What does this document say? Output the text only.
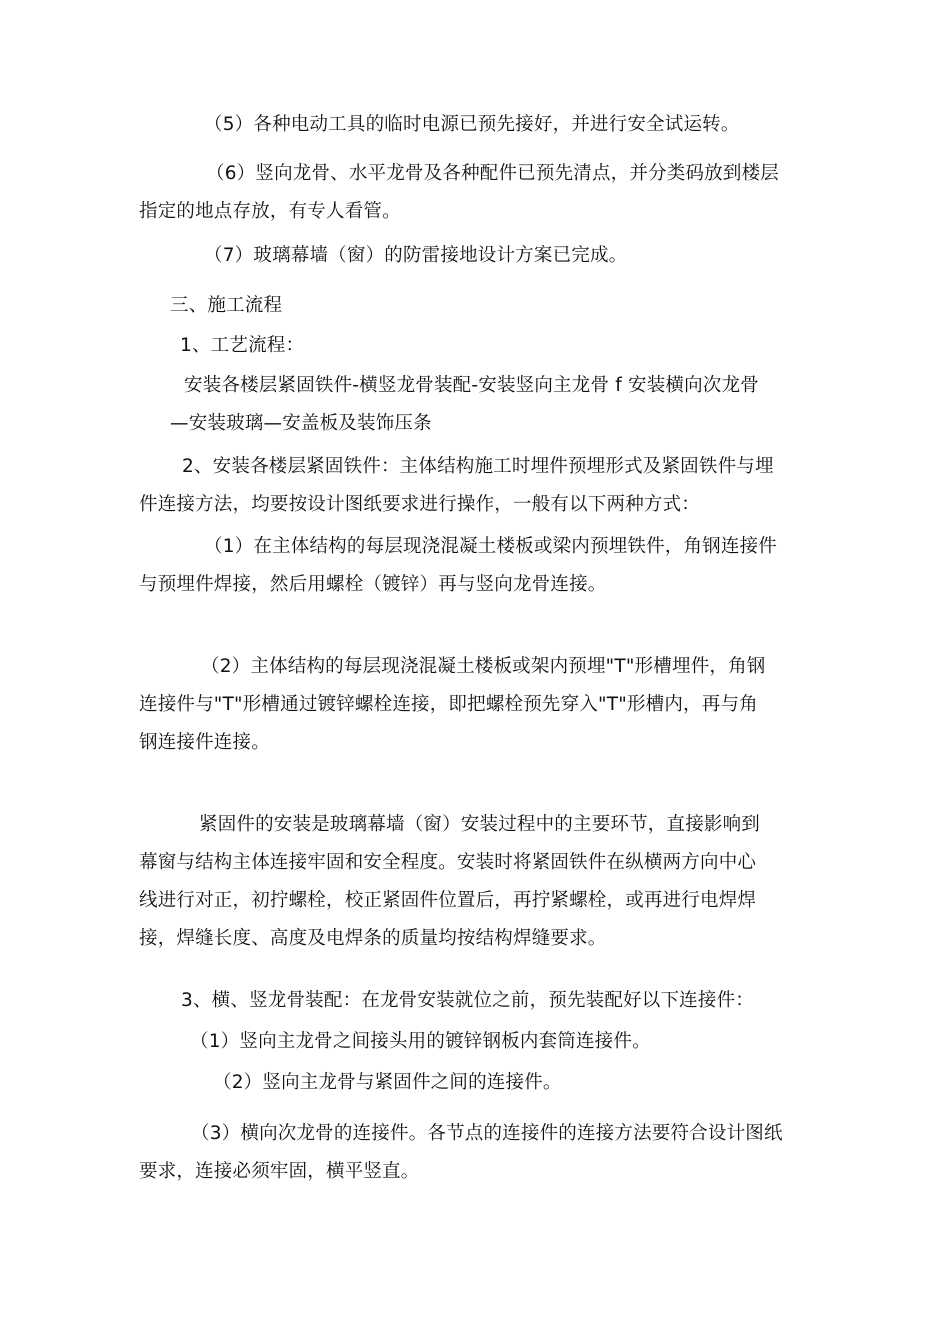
（5）各种电动工具的临时电源已预先接好，并进行安全试运转。
（6）竖向龙骨、水平龙骨及各种配件已预先清点，并分类码放到楼层
指定的地点存放，有专人看管。
（7）玻璃幕墙（窗）的防雷接地设计方案已完成。
三、施工流程
1、工艺流程：
安装各楼层紧固铁件-横竖龙骨装配-安装竖向主龙骨 f 安装横向次龙骨
—安装玻璃—安盖板及装饰压条
2、安装各楼层紧固铁件：主体结构施工时埋件预埋形式及紧固铁件与埋
件连接方法，均要按设计图纸要求进行操作，一般有以下两种方式：
（1）在主体结构的每层现浇混凝土楼板或梁内预埋铁件，角钢连接件
与预埋件焊接，然后用螺栓（镀锌）再与竖向龙骨连接。
（2）主体结构的每层现浇混凝土楼板或架内预埋"T"形槽埋件，角钢
连接件与"T"形槽通过镀锌螺栓连接，即把螺栓预先穿入"T"形槽内，再与角
钢连接件连接。
紧固件的安装是玻璃幕墙（窗）安装过程中的主要环节，直接影响到
幕窗与结构主体连接牢固和安全程度。安装时将紧固铁件在纵横两方向中心
线进行对正，初拧螺栓，校正紧固件位置后，再拧紧螺栓，或再进行电焊焊
接，焊缝长度、高度及电焊条的质量均按结构焊缝要求。
3、横、竖龙骨装配：在龙骨安装就位之前，预先装配好以下连接件：
（1）竖向主龙骨之间接头用的镀锌钢板内套筒连接件。
（2）竖向主龙骨与紧固件之间的连接件。
（3）横向次龙骨的连接件。各节点的连接件的连接方法要符合设计图纸
要求，连接必须牢固，横平竖直。
